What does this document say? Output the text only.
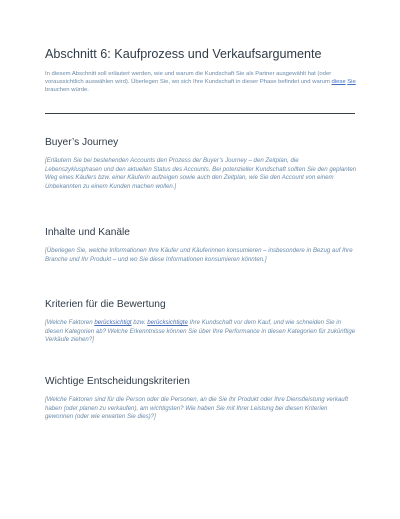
Abschnitt 6: Kaufprozess und Verkaufsargumente

In diesem Abschnitt soll erläutert werden, wie und warum die Kundschaft Sie als Partner ausgewählt hat (oder voraussichtlich auswählen wird). Überlegen Sie, wo sich Ihre Kundschaft in dieser Phase befindet und warum diese Sie brauchen würde.

Buyer’s Journey

[Erläutern Sie bei bestehenden Accounts den Prozess der Buyer’s Journey – den Zeitplan, die Lebenszyklusphasen und den aktuellen Status des Accounts. Bei potenzieller Kundschaft sollten Sie den geplanten Weg eines Käufers bzw. einer Käuferin aufzeigen sowie auch den Zeitplan, wie Sie den Account von einem Unbekannten zu einem Kunden machen wollen.]

Inhalte und Kanäle

[Überlegen Sie, welche Informationen Ihre Käufer und Käuferinnen konsumieren – insbesondere in Bezug auf Ihre Branche und Ihr Produkt – und wo Sie diese Informationen konsumieren könnten.]

Kriterien für die Bewertung

[Welche Faktoren berücksichtigt bzw. berücksichtigte Ihre Kundschaft vor dem Kauf, und wie schneiden Sie in diesen Kategorien ab? Welche Erkenntnisse können Sie über Ihre Performance in diesen Kategorien für zukünftige Verkäufe ziehen?]

Wichtige Entscheidungskriterien

[Welche Faktoren sind für die Person oder die Personen, an die Sie Ihr Produkt oder Ihre Dienstleistung verkauft haben (oder planen zu verkaufen), am wichtigsten? Wie haben Sie mit Ihrer Leistung bei diesen Kriterien gewonnen (oder wie erwarten Sie dies)?]
